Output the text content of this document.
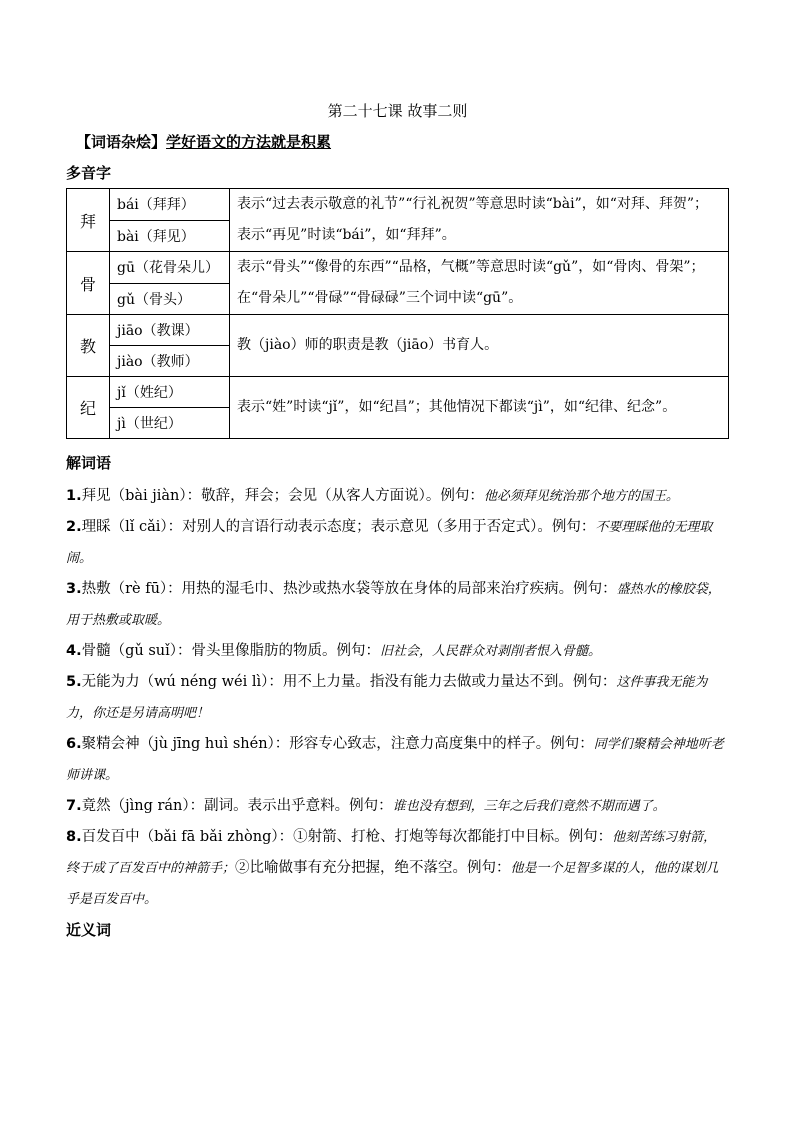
第二十七课 故事二则
【词语杂烩】学好语文的方法就是积累
多音字
拜	bái（拜拜）	表示“过去表示敬意的礼节”“行礼祝贺”等意思时读“bài”，如“对拜、拜贺”；表示“再见”时读“bái”，如“拜拜”。
	bài（拜见）	
骨	gū（花骨朵儿）	表示“骨头”“像骨的东西”“品格，气概”等意思时读“gǔ”，如“骨肉、骨架”；在“骨朵儿”“骨碌”“骨碌碌”三个词中读“gū”。
	gǔ（骨头）	
教	jiāo（教课）	教（jiào）师的职责是教（jiāo）书育人。
	jiào（教师）	
纪	jǐ（姓纪）	表示“姓”时读“jǐ”，如“纪昌”；其他情况下都读“jì”，如“纪律、纪念”。
	jì（世纪）	
解词语

1.拜见（bài jiàn）：敬辞，拜会；会见（从客人方面说）。例句：他必须拜见统治那个地方的国王。

2.理睬（lǐ cǎi）：对别人的言语行动表示态度；表示意见（多用于否定式）。例句：不要理睬他的无理取闹。

3.热敷（rè fū）：用热的湿毛巾、热沙或热水袋等放在身体的局部来治疗疾病。例句：盛热水的橡胶袋，用于热敷或取暖。

4.骨髓（gǔ suǐ）：骨头里像脂肪的物质。例句：旧社会，人民群众对剥削者恨入骨髓。

5.无能为力（wú néng wéi lì）：用不上力量。指没有能力去做或力量达不到。例句：这件事我无能为力，你还是另请高明吧！

6.聚精会神（jù jīng huì shén）：形容专心致志，注意力高度集中的样子。例句：同学们聚精会神地听老师讲课。

7.竟然（jìng rán）：副词。表示出乎意料。例句：谁也没有想到，三年之后我们竟然不期而遇了。

8.百发百中（bǎi fā bǎi zhòng）：①射箭、打枪、打炮等每次都能打中目标。例句：他刻苦练习射箭，终于成了百发百中的神箭手；②比喻做事有充分把握，绝不落空。例句：他是一个足智多谋的人，他的谋划几乎是百发百中。

近义词
